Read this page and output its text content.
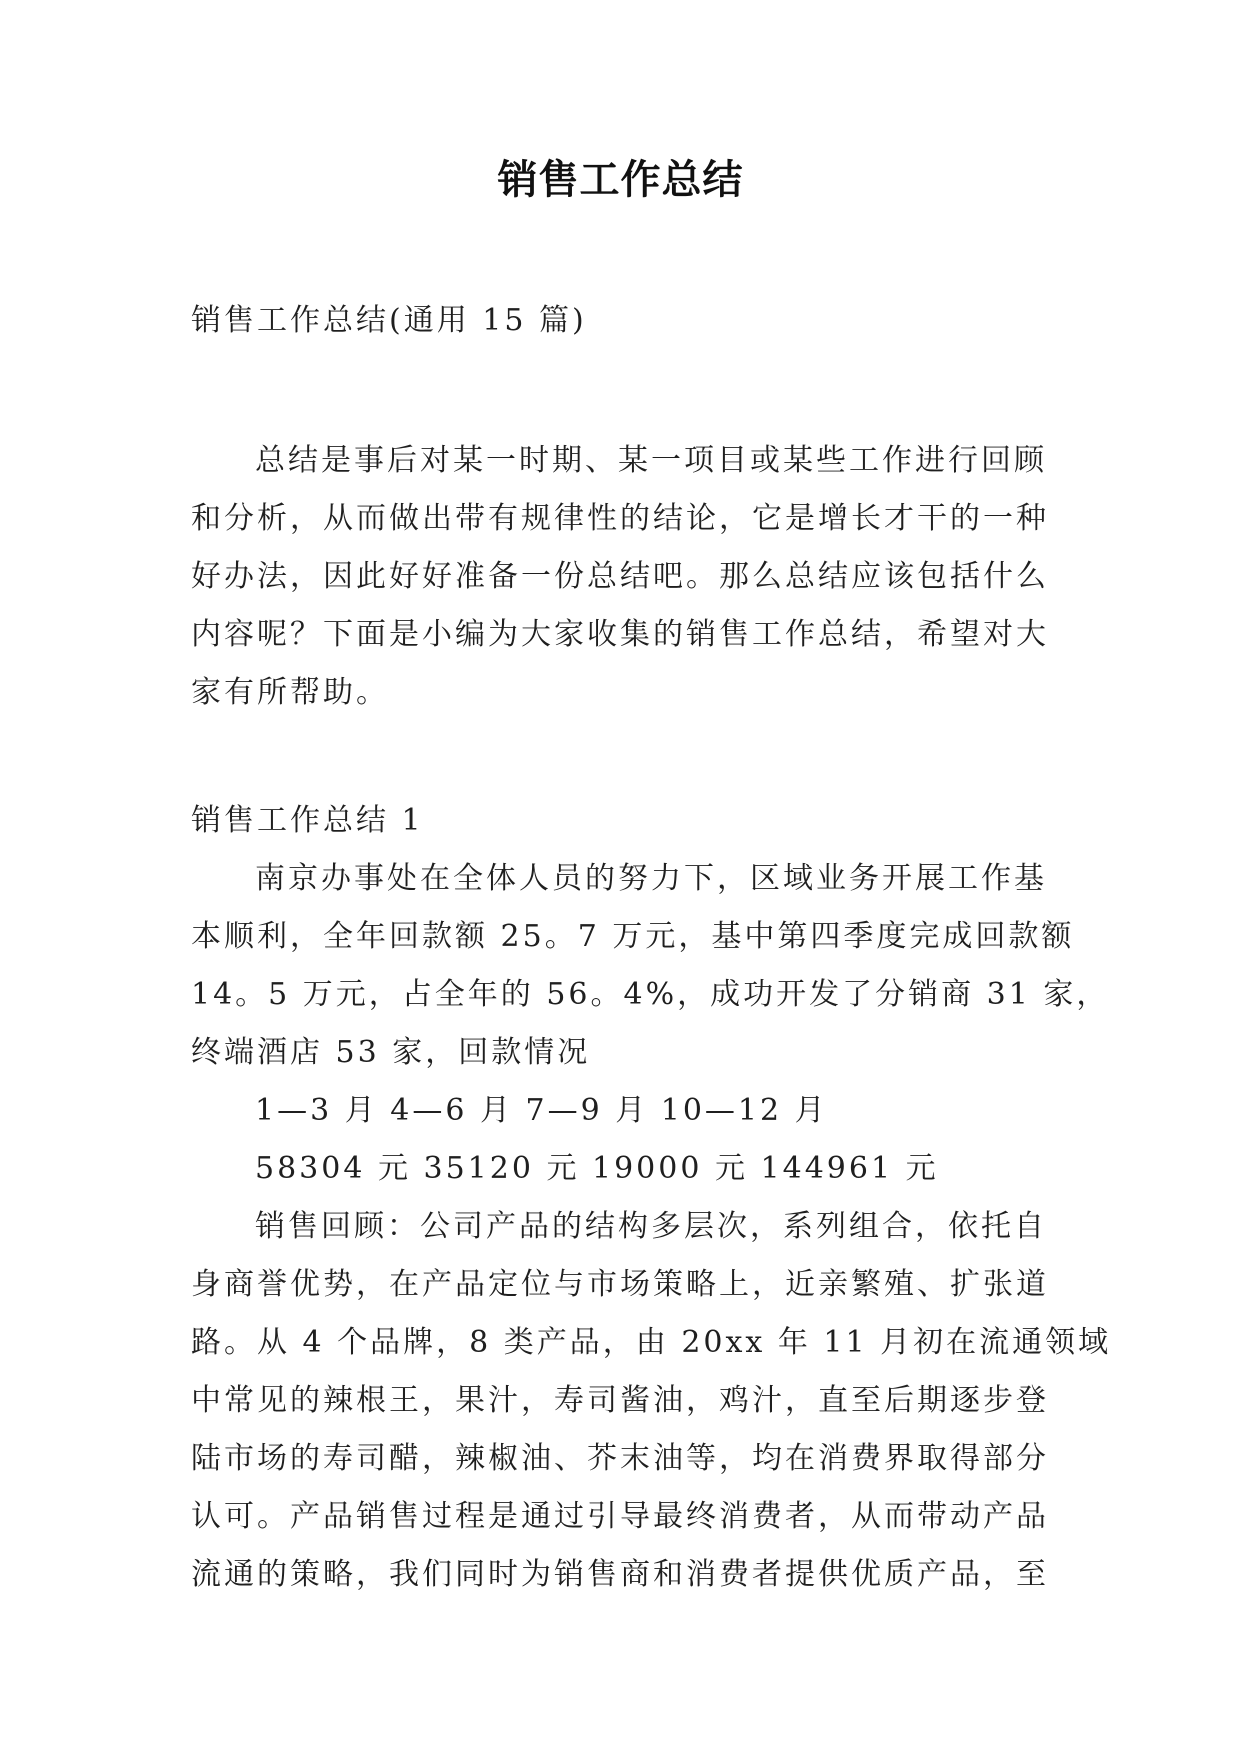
销售工作总结
销售工作总结(通用 15 篇)
总结是事后对某一时期、某一项目或某些工作进行回顾
和分析，从而做出带有规律性的结论，它是增长才干的一种
好办法，因此好好准备一份总结吧。那么总结应该包括什么
内容呢？下面是小编为大家收集的销售工作总结，希望对大
家有所帮助。
销售工作总结 1
南京办事处在全体人员的努力下，区域业务开展工作基
本顺利，全年回款额 25。7 万元，基中第四季度完成回款额
14。5 万元，占全年的 56。4%，成功开发了分销商 31 家，
终端酒店 53 家，回款情况
1—3 月 4—6 月 7—9 月 10—12 月
58304 元 35120 元 19000 元 144961 元
销售回顾：公司产品的结构多层次，系列组合，依托自
身商誉优势，在产品定位与市场策略上，近亲繁殖、扩张道
路。从 4 个品牌，8 类产品，由 20xx 年 11 月初在流通领域
中常见的辣根王，果汁，寿司酱油，鸡汁，直至后期逐步登
陆市场的寿司醋，辣椒油、芥末油等，均在消费界取得部分
认可。产品销售过程是通过引导最终消费者，从而带动产品
流通的策略，我们同时为销售商和消费者提供优质产品，至
